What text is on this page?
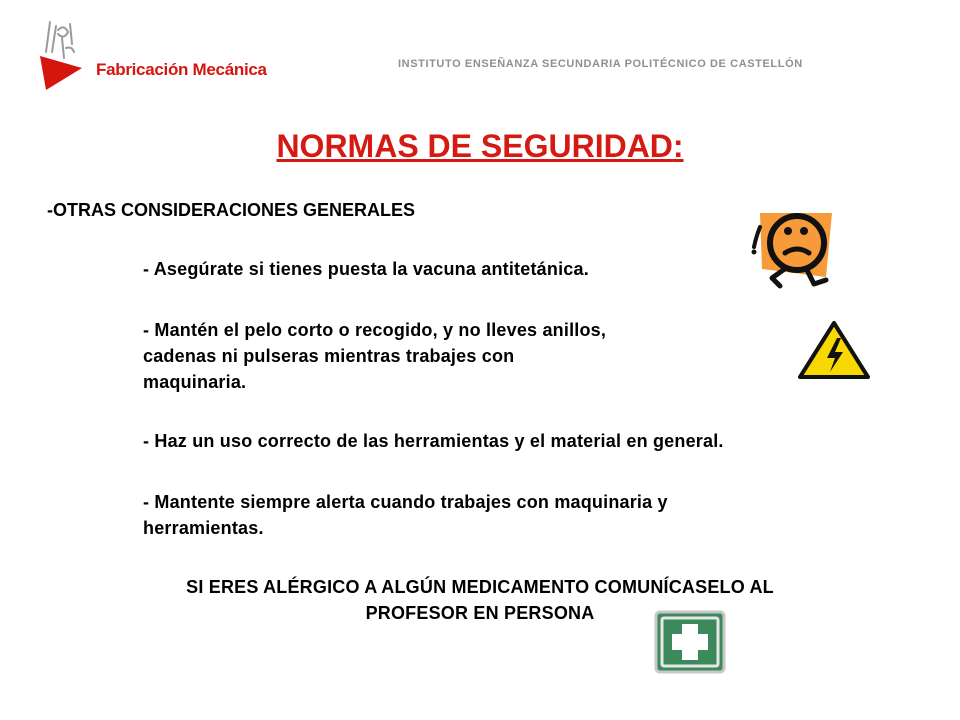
Fabricación Mecánica	INSTITUTO ENSEÑANZA SECUNDARIA POLITÉCNICO DE CASTELLÓN
NORMAS DE SEGURIDAD:
-OTRAS CONSIDERACIONES GENERALES
- Asegúrate si tienes puesta la vacuna antitetánica.
- Mantén el pelo corto o recogido, y no lleves anillos,
cadenas ni pulseras mientras trabajes con
maquinaria.
- Haz un uso correcto de las herramientas y el material en general.
- Mantente siempre alerta cuando trabajes con maquinaria y
herramientas.
SI ERES ALÉRGICO A ALGÚN MEDICAMENTO COMUNÍCASELO AL
PROFESOR EN PERSONA
